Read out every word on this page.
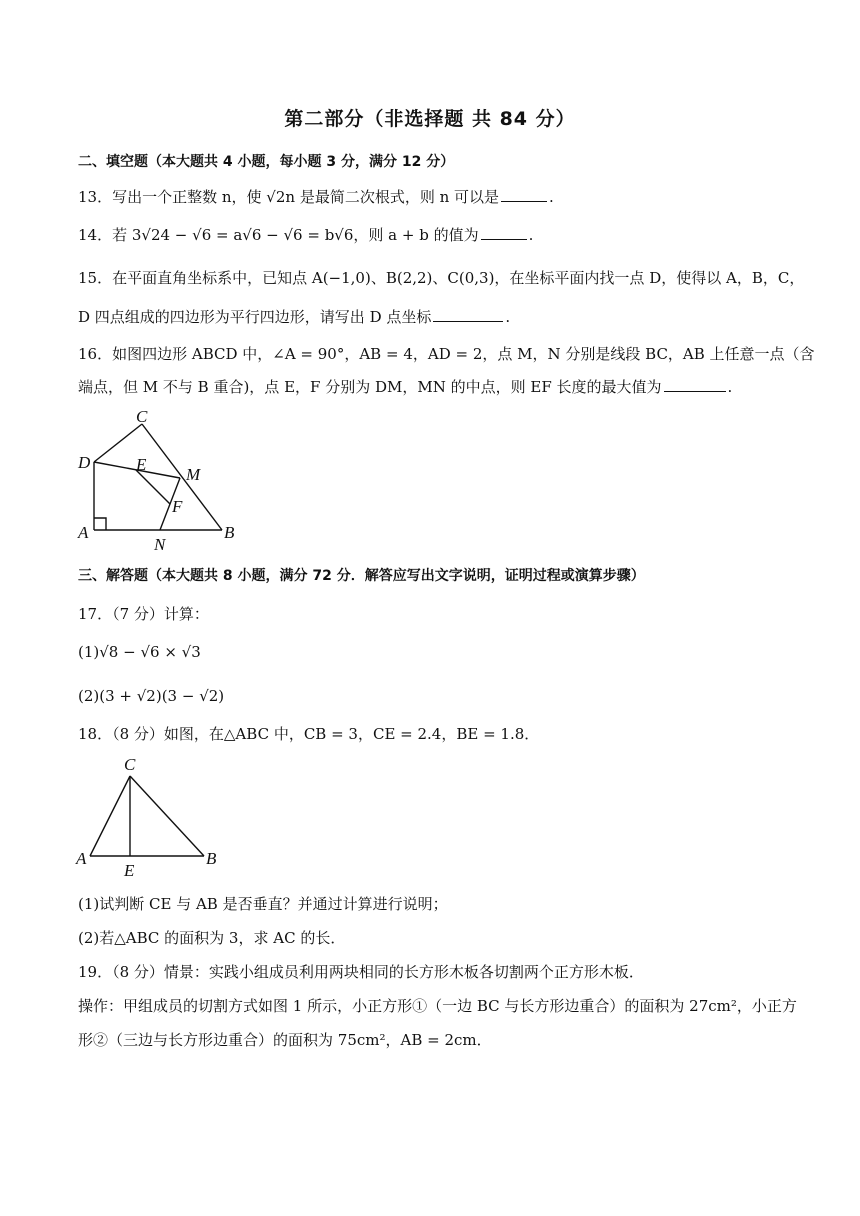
第二部分（非选择题 共 84 分）
二、填空题（本大题共 4 小题，每小题 3 分，满分 12 分）
13．写出一个正整数 n，使 √2n 是最简二次根式，则 n 可以是	.
14．若 3√24 − √6 = a√6 − √6 = b√6，则 a + b 的值为	.
15．在平面直角坐标系中，已知点 A(−1,0)、B(2,2)、C(0,3)，在坐标平面内找一点 D，使得以 A，B，C，
D 四点组成的四边形为平行四边形，请写出 D 点坐标	.
16．如图四边形 ABCD 中，∠A = 90°，AB = 4，AD = 2，点 M，N 分别是线段 BC，AB 上任意一点（含
端点，但 M 不与 B 重合)，点 E，F 分别为 DM，MN 的中点，则 EF 长度的最大值为	.
C
D	E
M
F
A
N
B
三、解答题（本大题共 8 小题，满分 72 分．解答应写出文字说明，证明过程或演算步骤）
17．（7 分）计算：
(1)√8 − √6 × √3
(2)(3 + √2)(3 − √2)
18．（8 分）如图，在△ABC 中，CB = 3，CE = 2.4，BE = 1.8．
C
A
E
B
(1)试判断 CE 与 AB 是否垂直？并通过计算进行说明；
(2)若△ABC 的面积为 3，求 AC 的长．
19．（8 分）情景：实践小组成员利用两块相同的长方形木板各切割两个正方形木板．
操作：甲组成员的切割方式如图 1 所示，小正方形①（一边 BC 与长方形边重合）的面积为 27cm²，小正方
形②（三边与长方形边重合）的面积为 75cm²，AB = 2cm．
